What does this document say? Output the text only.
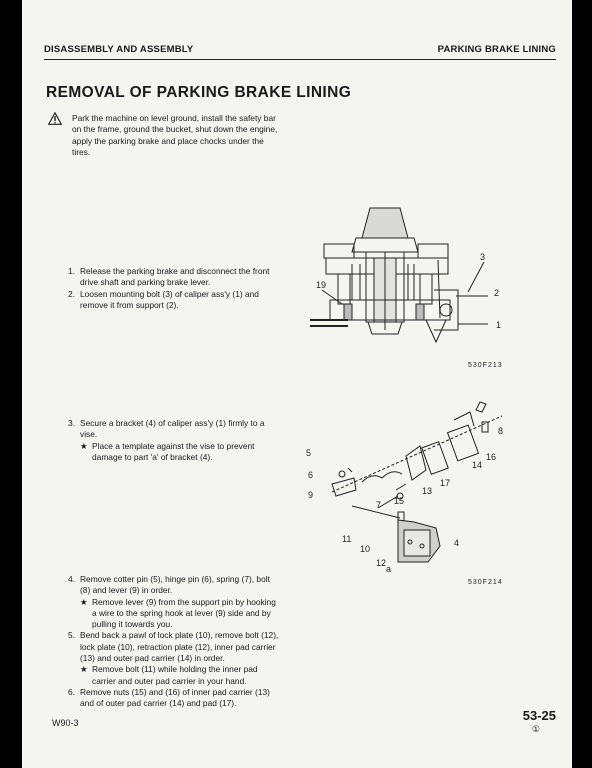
DISASSEMBLY AND ASSEMBLY	PARKING BRAKE LINING
REMOVAL OF PARKING BRAKE LINING
Park the machine on level ground, install the safety bar on the frame, ground the bucket, shut down the engine, apply the parking brake and place chocks under the tires.
1. Release the parking brake and disconnect the front drive shaft and parking brake lever.
2. Loosen mounting bolt (3) of caliper ass'y (1) and remove it from support (2).
3
19
2
1
530F213
3. Secure a bracket (4) of caliper ass'y (1) firmly to a vise.
★ Place a template against the vise to prevent damage to part 'a' of bracket (4).	5
6
9
7 15
13
17
14
16
8
11
10
12
a
4
530F214
4. Remove cotter pin (5), hinge pin (6), spring (7), bolt (8) and lever (9) in order.
★ Remove lever (9) from the support pin by hooking a wire to the spring hook at lever (9) side and by pulling it towards you.
5. Bend back a pawl of lock plate (10), remove bolt (12), lock plate (10), retraction plate (12), inner pad carrier (13) and outer pad carrier (14) in order.
★ Remove bolt (11) while holding the inner pad carrier and outer pad carrier in your hand.
6. Remove nuts (15) and (16) of inner pad carrier (13) and of outer pad carrier (14) and pad (17).
W90-3	53-25
①
